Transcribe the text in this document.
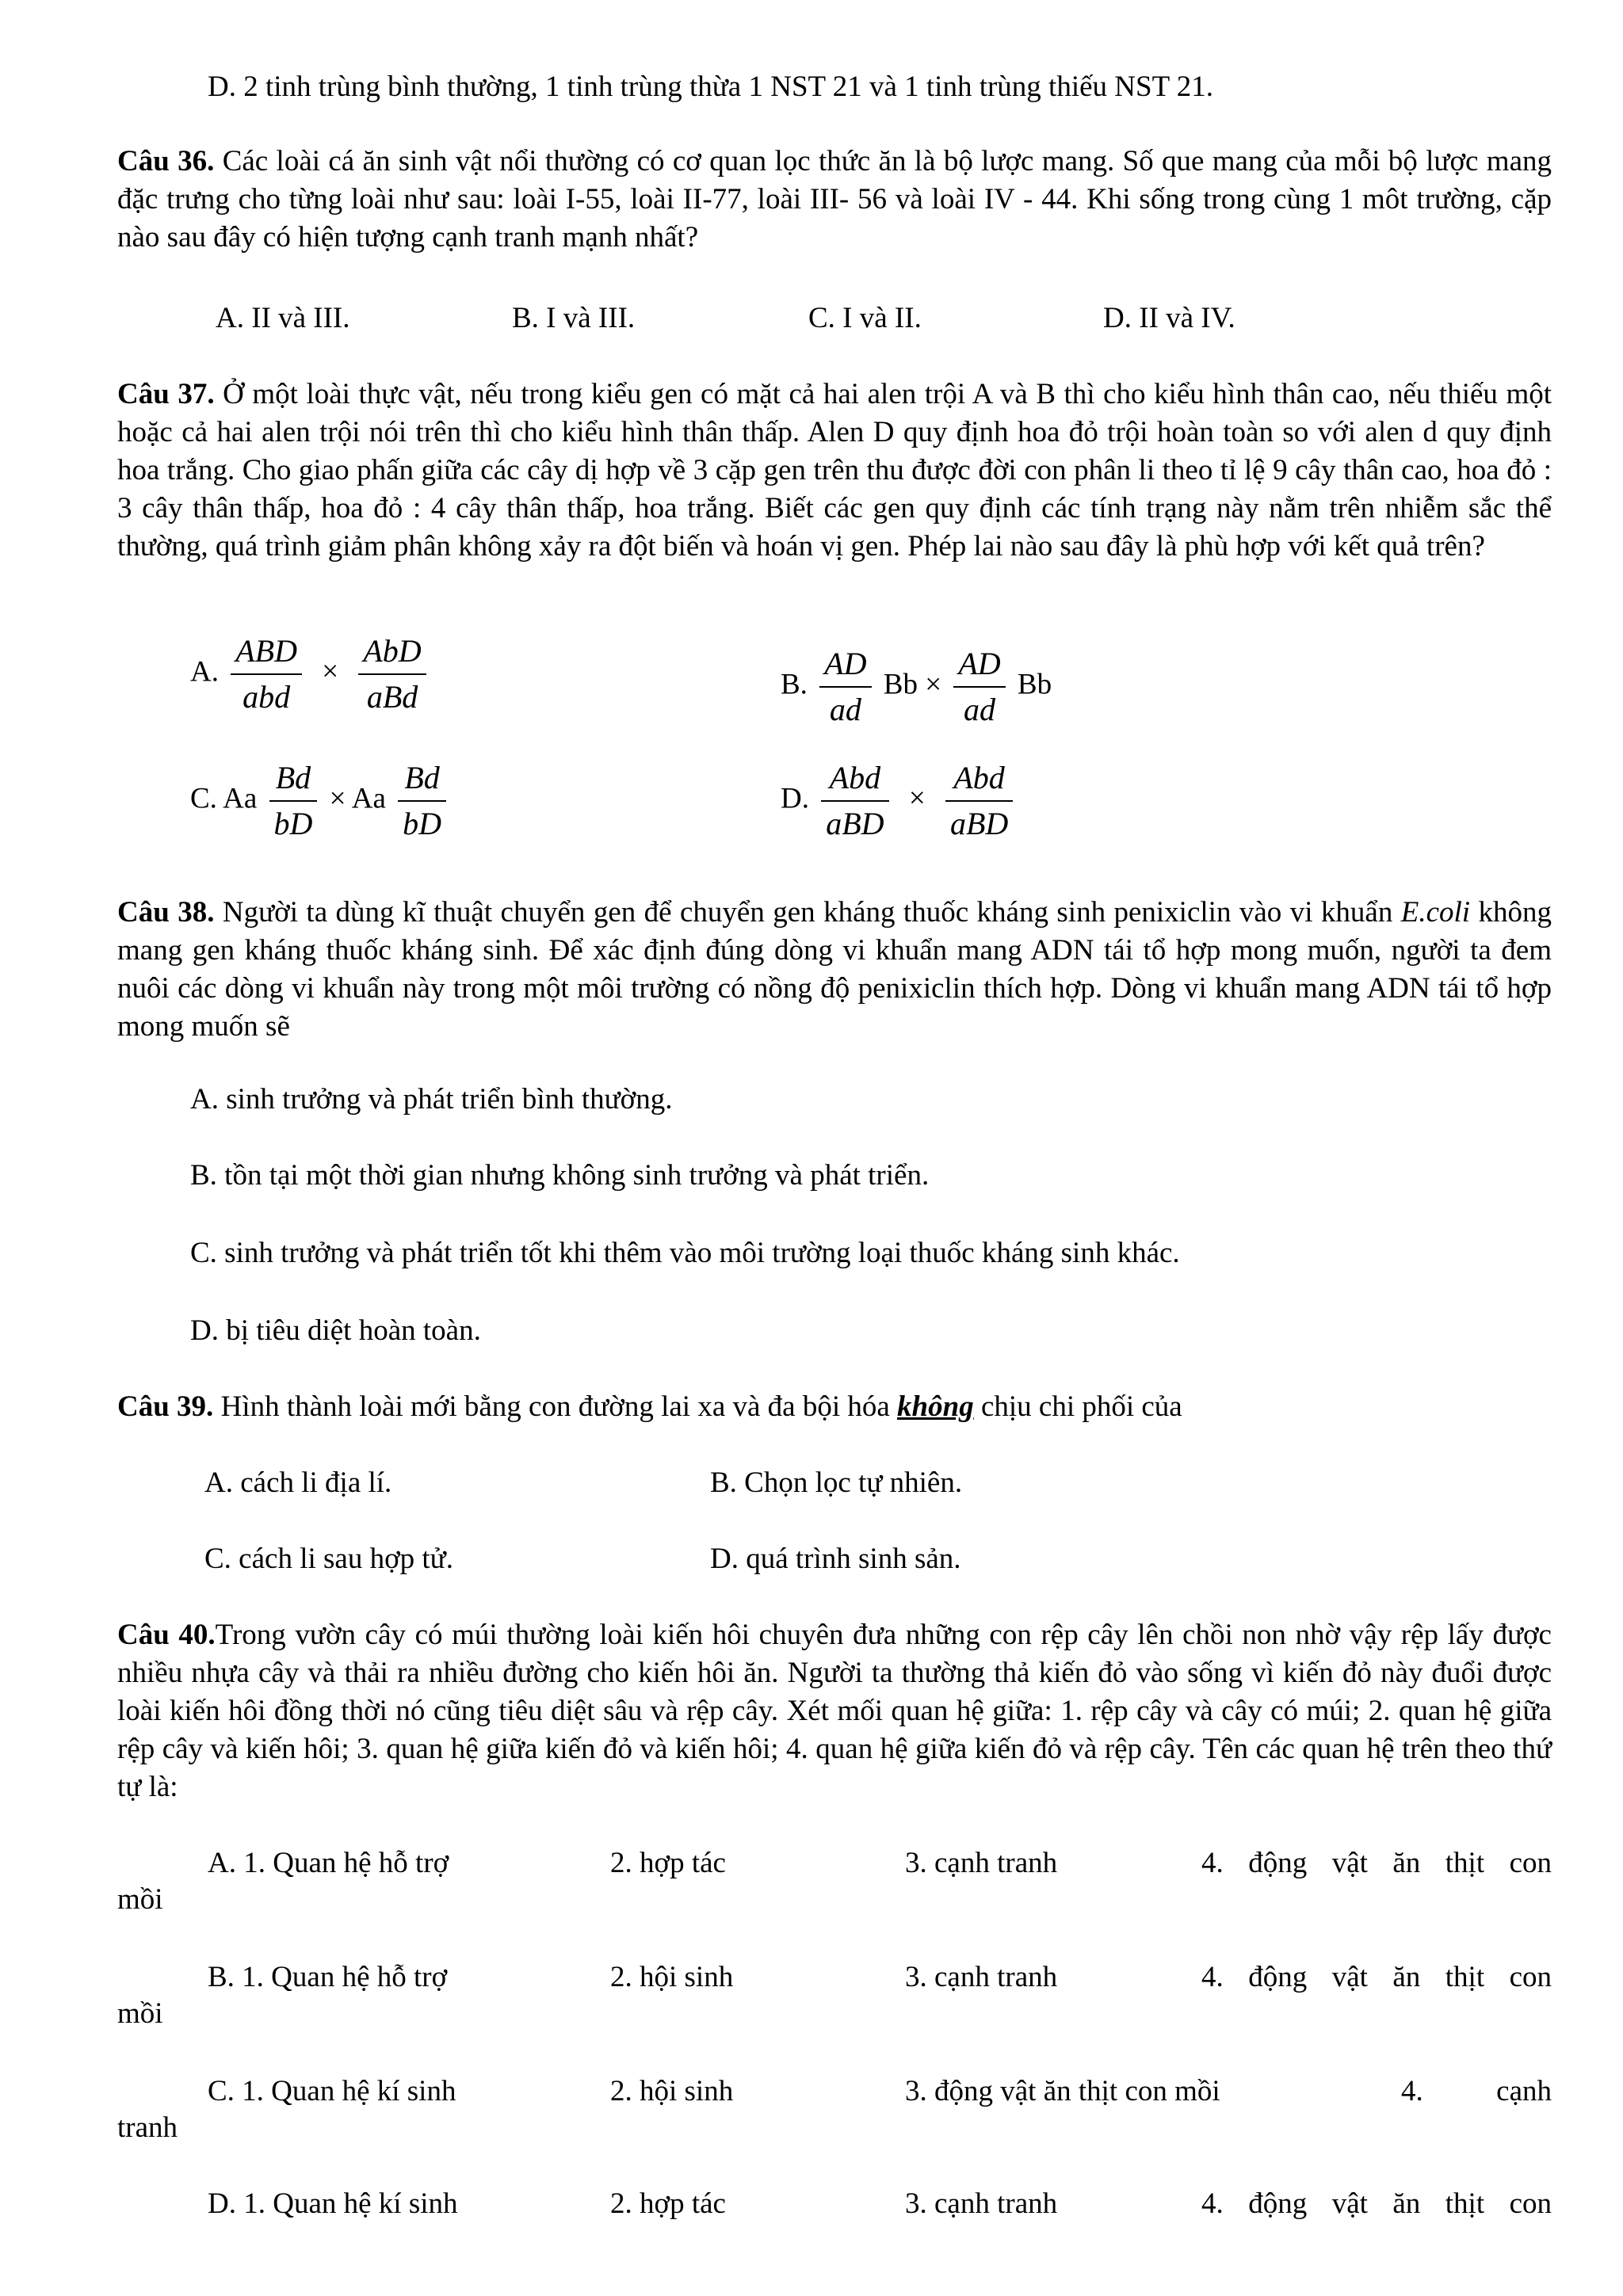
D. 2 tinh trùng bình thường, 1 tinh trùng thừa 1 NST 21 và 1 tinh trùng thiếu NST 21.
Câu 36. Các loài cá ăn sinh vật nổi thường có cơ quan lọc thức ăn là bộ lược mang. Số que mang của mỗi bộ lược mang đặc trưng cho từng loài như sau: loài I-55, loài II-77, loài III- 56 và loài IV - 44. Khi sống trong cùng 1 môt trường, cặp nào sau đây có hiện tượng cạnh tranh mạnh nhất?
A. II và III.	B. I và III.	C. I và II.	D. II và IV.
Câu 37. Ở một loài thực vật, nếu trong kiểu gen có mặt cả hai alen trội A và B thì cho kiểu hình thân cao, nếu thiếu một hoặc cả hai alen trội nói trên thì cho kiểu hình thân thấp. Alen D quy định hoa đỏ trội hoàn toàn so với alen d quy định hoa trắng. Cho giao phấn giữa các cây dị hợp về 3 cặp gen trên thu được đời con phân li theo tỉ lệ 9 cây thân cao, hoa đỏ : 3 cây thân thấp, hoa đỏ : 4 cây thân thấp, hoa trắng. Biết các gen quy định các tính trạng này nằm trên nhiễm sắc thể thường, quá trình giảm phân không xảy ra đột biến và hoán vị gen. Phép lai nào sau đây là phù hợp với kết quả trên?
A. $\frac{\text{ABD}}{\text{abd}} \times \frac{\text{AbD}}{\text{aBd}}$	B. $\frac{AD}{ad}$ $Bb \times \frac{AD}{ad}$ Bb
C. Aa $\frac{Bd}{bD} \times Aa \frac{Bd}{bD}$	D. $\frac{\text{Abd}}{\text{aBD}} \times \frac{\text{Abd}}{\text{aBD}}$
Câu 38. Người ta dùng kĩ thuật chuyển gen để chuyển gen kháng thuốc kháng sinh penixiclin vào vi khuẩn E.coli không mang gen kháng thuốc kháng sinh. Để xác định đúng dòng vi khuẩn mang ADN tái tổ hợp mong muốn, người ta đem nuôi các dòng vi khuẩn này trong một môi trường có nồng độ penixiclin thích hợp. Dòng vi khuẩn mang ADN tái tổ hợp mong muốn sẽ
A. sinh trưởng và phát triển bình thường.
B. tồn tại một thời gian nhưng không sinh trưởng và phát triển.
C. sinh trưởng và phát triển tốt khi thêm vào môi trường loại thuốc kháng sinh khác.
D. bị tiêu diệt hoàn toàn.
Câu 39. Hình thành loài mới bằng con đường lai xa và đa bội hóa không chịu chi phối của
A. cách li địa lí.	B. Chọn lọc tự nhiên.
C. cách li sau hợp tử.	D. quá trình sinh sản.
Câu 40.Trong vườn cây có múi thường loài kiến hôi chuyên đưa những con rệp cây lên chồi non nhờ vậy rệp lấy được nhiều nhựa cây và thải ra nhiều đường cho kiến hôi ăn. Người ta thường thả kiến đỏ vào sống vì kiến đỏ này đuổi được loài kiến hôi đồng thời nó cũng tiêu diệt sâu và rệp cây. Xét mối quan hệ giữa: 1. rệp cây và cây có múi; 2. quan hệ giữa rệp cây và kiến hôi; 3. quan hệ giữa kiến đỏ và kiến hôi; 4. quan hệ giữa kiến đỏ và rệp cây. Tên các quan hệ trên theo thứ tự là:
A. 1. Quan hệ hỗ trợ	2. hợp tác	3. cạnh tranh	4. động vật ăn thịt con
mồi
B. 1. Quan hệ hỗ trợ	2. hội sinh	3. cạnh tranh	4. động vật ăn thịt con
mồi
C. 1. Quan hệ kí sinh	2. hội sinh	3. động vật ăn thịt con mồi	4. cạnh
tranh
D. 1. Quan hệ kí sinh	2. hợp tác	3. cạnh tranh	4. động vật ăn thịt con
